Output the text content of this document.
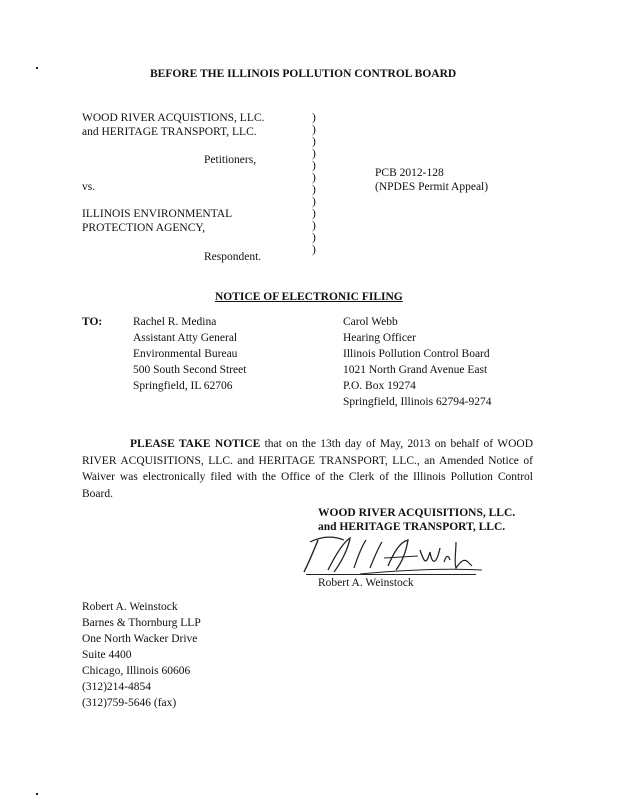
BEFORE THE ILLINOIS POLLUTION CONTROL BOARD
WOOD RIVER ACQUISTIONS, LLC.
and HERITAGE TRANSPORT, LLC.
Petitioners,
vs.
ILLINOIS ENVIRONMENTAL
PROTECTION AGENCY,
Respondent.
)
)
)
)
)
)
)
)
)
)
)
)
PCB 2012-128
(NPDES Permit Appeal)
NOTICE OF ELECTRONIC FILING
TO:	Rachel R. Medina
Assistant Atty General
Environmental Bureau
500 South Second Street
Springfield, IL 62706
Carol Webb
Hearing Officer
Illinois Pollution Control Board
1021 North Grand Avenue East
P.O. Box 19274
Springfield, Illinois 62794-9274
PLEASE TAKE NOTICE that on the 13th day of May, 2013 on behalf of WOOD RIVER ACQUISITIONS, LLC. and HERITAGE TRANSPORT, LLC., an Amended Notice of Waiver was electronically filed with the Office of the Clerk of the Illinois Pollution Control Board.
WOOD RIVER ACQUISITIONS, LLC.
and HERITAGE TRANSPORT, LLC.
Robert A. Weinstock
Robert A. Weinstock
Barnes & Thornburg LLP
One North Wacker Drive
Suite 4400
Chicago, Illinois 60606
(312)214-4854
(312)759-5646 (fax)
